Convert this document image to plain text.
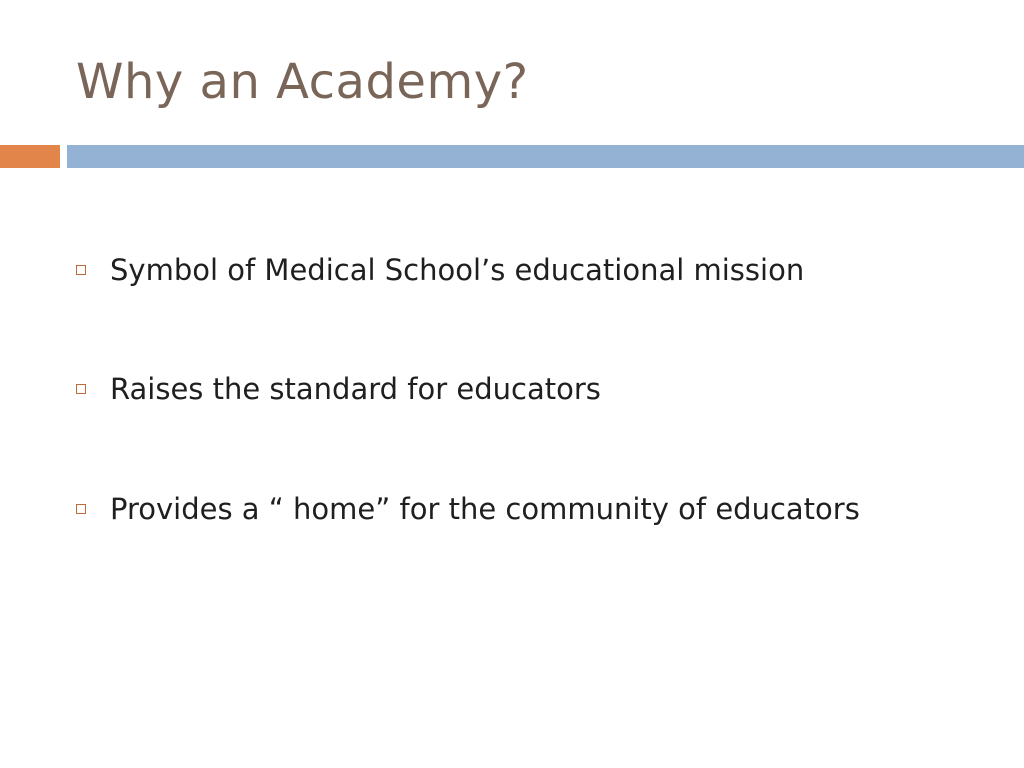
Why an Academy?
Symbol of Medical School’s educational mission
Raises the standard for educators
Provides a “ home” for the community of educators
